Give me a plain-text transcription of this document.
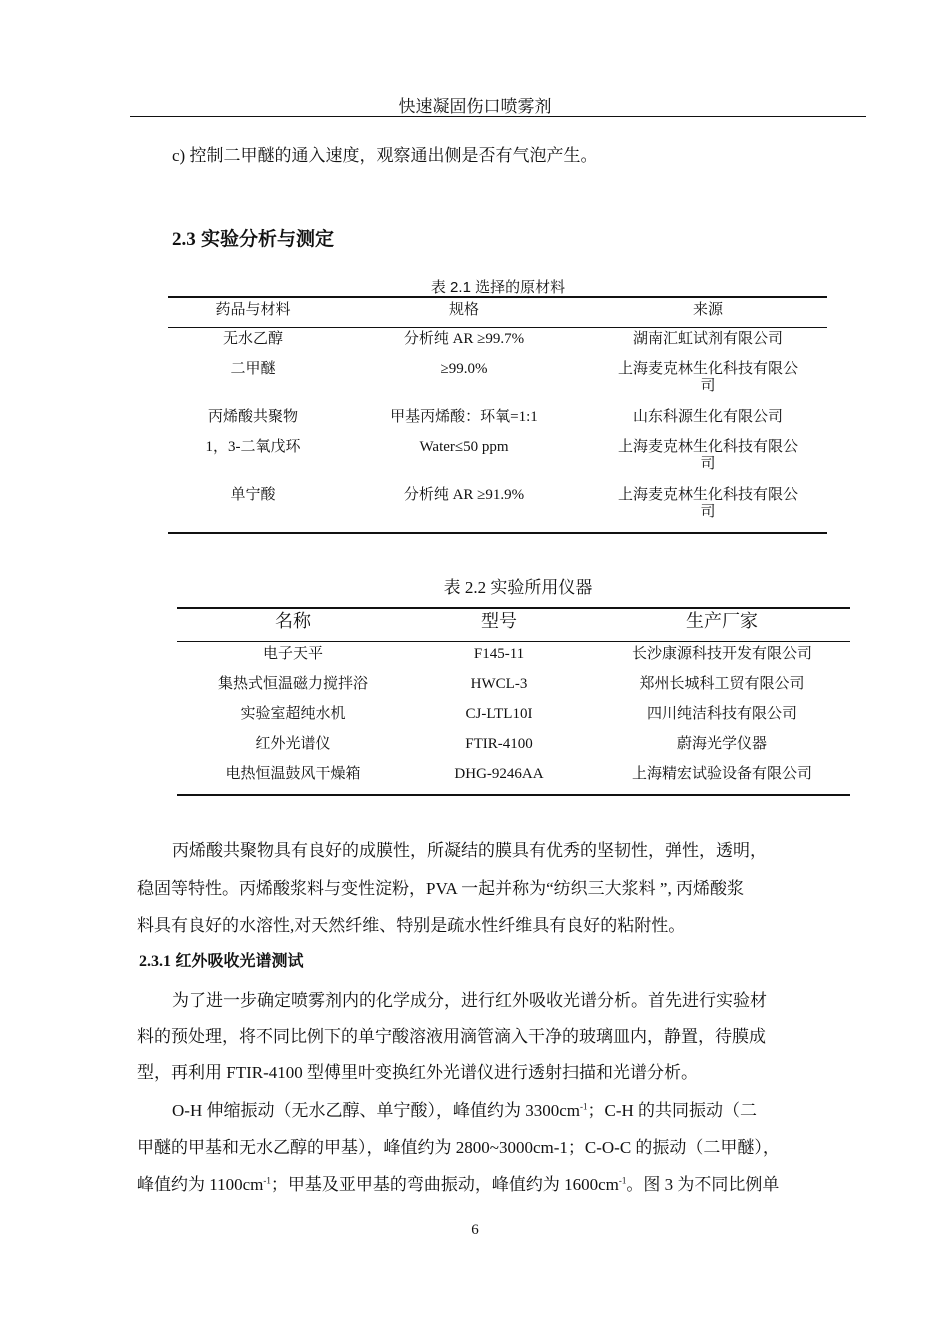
快速凝固伤口喷雾剂
c) 控制二甲醚的通入速度，观察通出侧是否有气泡产生。
2.3 实验分析与测定
表 2.1 选择的原材料
药品与材料	规格	来源
无水乙醇	分析纯 AR ≥99.7%	湖南汇虹试剂有限公司
二甲醚	≥99.0%	上海麦克林生化科技有限公
司
丙烯酸共聚物	甲基丙烯酸：环氧=1:1	山东科源生化有限公司
1，3-二氧戊环	Water≤50 ppm	上海麦克林生化科技有限公
司
单宁酸	分析纯 AR ≥91.9%	上海麦克林生化科技有限公
司
表 2.2 实验所用仪器
名称	型号	生产厂家
电子天平	F145-11	长沙康源科技开发有限公司
集热式恒温磁力搅拌浴	HWCL-3	郑州长城科工贸有限公司
实验室超纯水机	CJ-LTL10I	四川纯洁科技有限公司
红外光谱仪	FTIR-4100	蔚海光学仪器
电热恒温鼓风干燥箱	DHG-9246AA	上海精宏试验设备有限公司
丙烯酸共聚物具有良好的成膜性，所凝结的膜具有优秀的坚韧性，弹性，透明，
稳固等特性。丙烯酸浆料与变性淀粉，PVA 一起并称为“纺织三大浆料 ”, 丙烯酸浆
料具有良好的水溶性,对天然纤维、特别是疏水性纤维具有良好的粘附性。
2.3.1 红外吸收光谱测试
为了进一步确定喷雾剂内的化学成分，进行红外吸收光谱分析。首先进行实验材
料的预处理，将不同比例下的单宁酸溶液用滴管滴入干净的玻璃皿内，静置，待膜成
型，再利用 FTIR-4100 型傅里叶变换红外光谱仪进行透射扫描和光谱分析。
O-H 伸缩振动（无水乙醇、单宁酸），峰值约为 $3300cm^{-1}$；C-H 的共同振动（二
甲醚的甲基和无水乙醇的甲基），峰值约为 2800~3000cm-1；C-O-C 的振动（二甲醚），
峰值约为 $1100cm^{-1}$；甲基及亚甲基的弯曲振动，峰值约为 $1600cm^{-1}$。图 3 为不同比例单
6
